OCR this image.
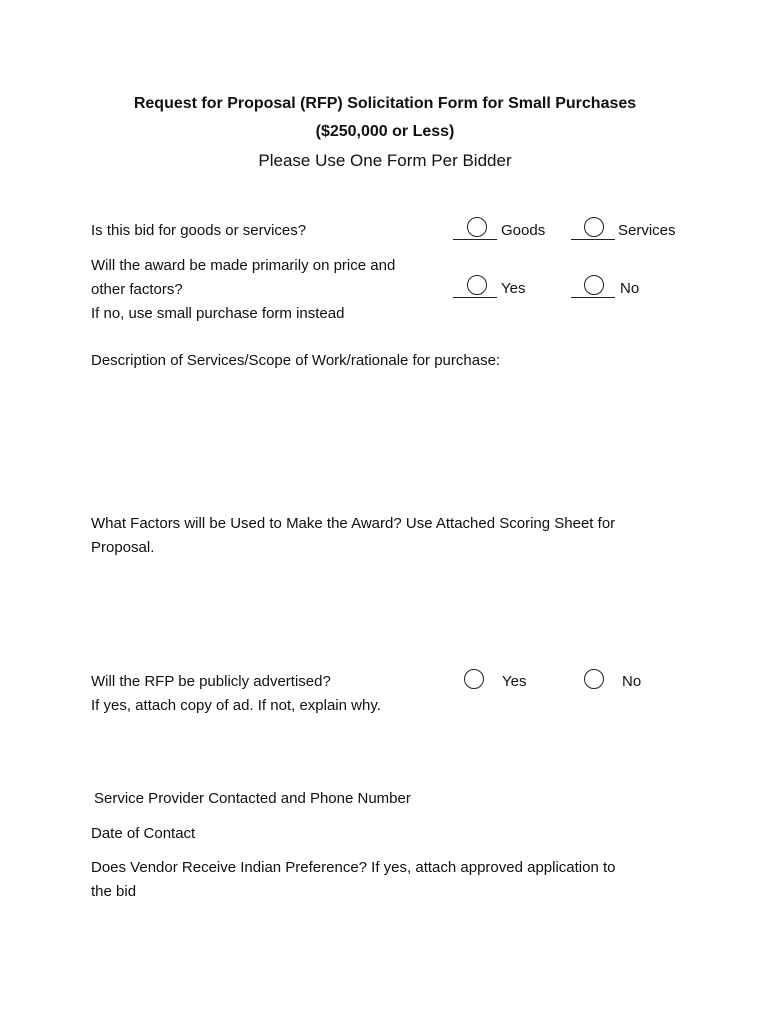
Request for Proposal (RFP) Solicitation Form for Small Purchases
($250,000 or Less)
Please Use One Form Per Bidder
Is this bid for goods or services?	Goods	Services
Will the award be made primarily on price and
other factors?
If no, use small purchase form instead
Yes	No
Description of Services/Scope of Work/rationale for purchase:
What Factors will be Used to Make the Award? Use Attached Scoring Sheet for
Proposal.
Will the RFP be publicly advertised?
If yes, attach copy of ad. If not, explain why.
Yes	No
Service Provider Contacted and Phone Number
Date of Contact
Does Vendor Receive Indian Preference? If yes, attach approved application to
the bid
